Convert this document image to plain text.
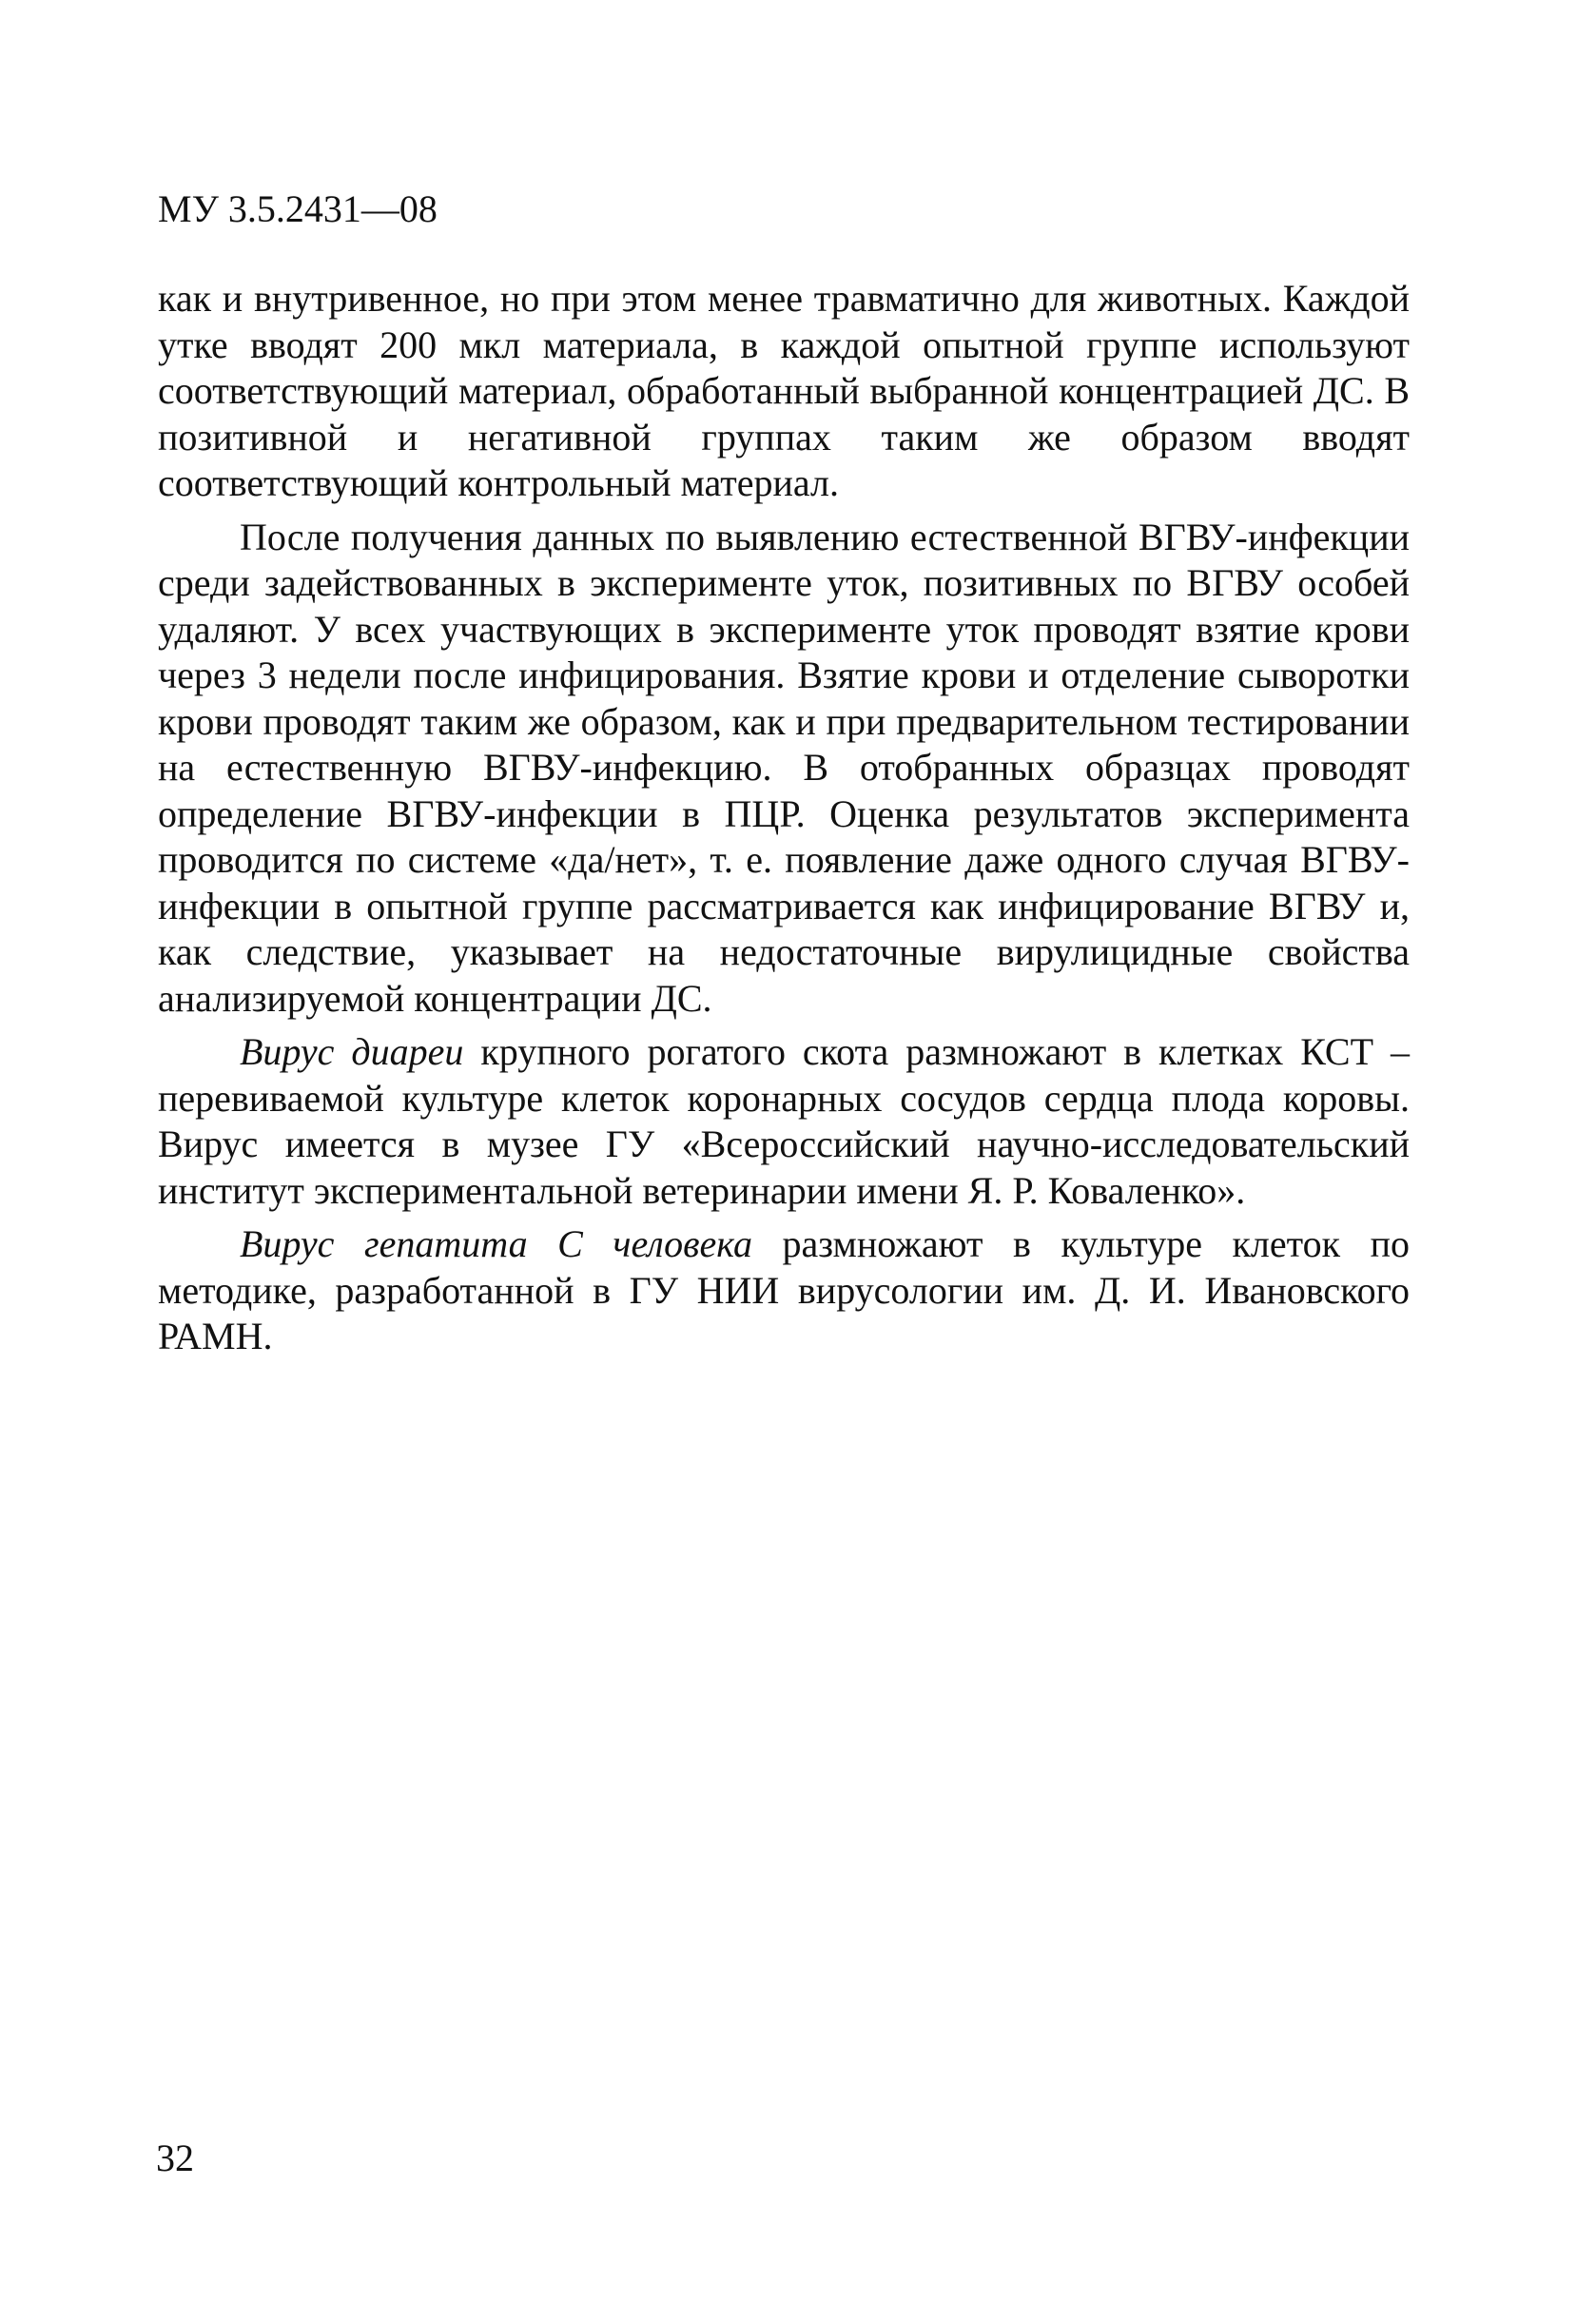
МУ 3.5.2431—08

как и внутривенное, но при этом менее травматично для животных. Каждой утке вводят 200 мкл материала, в каждой опытной группе используют соответствующий материал, обработанный выбранной концентрацией ДС. В позитивной и негативной группах таким же образом вводят соответствующий контрольный материал.

После получения данных по выявлению естественной ВГВУ-инфекции среди задействованных в эксперименте уток, позитивных по ВГВУ особей удаляют. У всех участвующих в эксперименте уток проводят взятие крови через 3 недели после инфицирования. Взятие крови и отделение сыворотки крови проводят таким же образом, как и при предварительном тестировании на естественную ВГВУ-инфекцию. В отобранных образцах проводят определение ВГВУ-инфекции в ПЦР. Оценка результатов эксперимента проводится по системе «да/нет», т. е. появление даже одного случая ВГВУ-инфекции в опытной группе рассматривается как инфицирование ВГВУ и, как следствие, указывает на недостаточные вирулицидные свойства анализируемой концентрации ДС.

Вирус диареи крупного рогатого скота размножают в клетках КСТ – перевиваемой культуре клеток коронарных сосудов сердца плода коровы. Вирус имеется в музее ГУ «Всероссийский научно-исследовательский институт экспериментальной ветеринарии имени Я. Р. Коваленко».

Вирус гепатита С человека размножают в культуре клеток по методике, разработанной в ГУ НИИ вирусологии им. Д. И. Ивановского РАМН.

32
